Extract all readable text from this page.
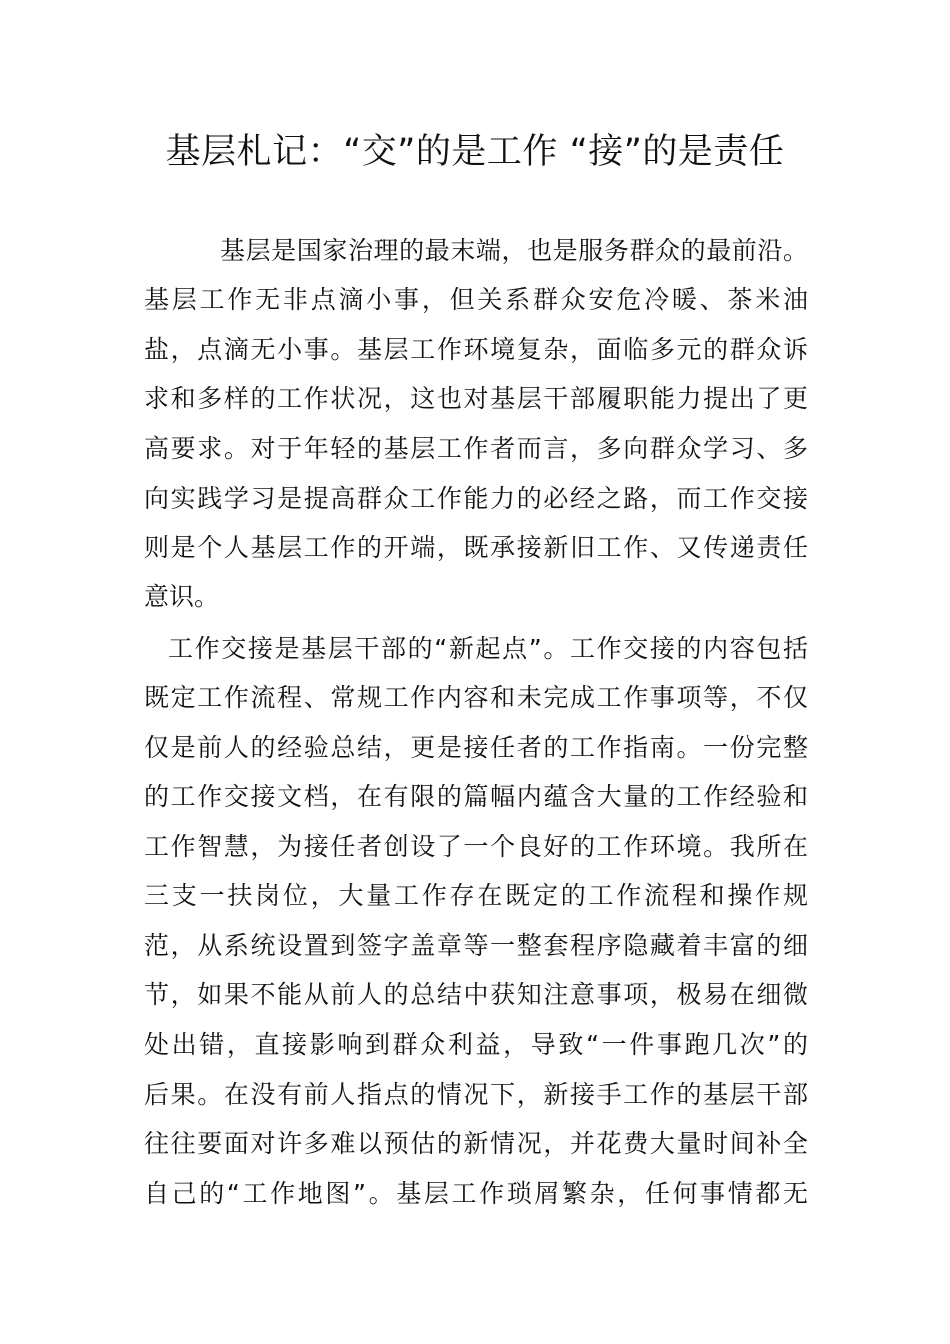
基层札记：“交”的是工作 “接”的是责任

基层是国家治理的最末端，也是服务群众的最前沿。

基层工作无非点滴小事，但关系群众安危冷暖、茶米油

盐，点滴无小事。基层工作环境复杂，面临多元的群众诉

求和多样的工作状况，这也对基层干部履职能力提出了更

高要求。对于年轻的基层工作者而言，多向群众学习、多

向实践学习是提高群众工作能力的必经之路，而工作交接

则是个人基层工作的开端，既承接新旧工作、又传递责任

意识。

工作交接是基层干部的“新起点”。工作交接的内容包括

既定工作流程、常规工作内容和未完成工作事项等，不仅

仅是前人的经验总结，更是接任者的工作指南。一份完整

的工作交接文档，在有限的篇幅内蕴含大量的工作经验和

工作智慧，为接任者创设了一个良好的工作环境。我所在

三支一扶岗位，大量工作存在既定的工作流程和操作规

范，从系统设置到签字盖章等一整套程序隐藏着丰富的细

节，如果不能从前人的总结中获知注意事项，极易在细微

处出错，直接影响到群众利益，导致“一件事跑几次”的

后果。在没有前人指点的情况下，新接手工作的基层干部

往往要面对许多难以预估的新情况，并花费大量时间补全

自己的“工作地图”。基层工作琐屑繁杂，任何事情都无
